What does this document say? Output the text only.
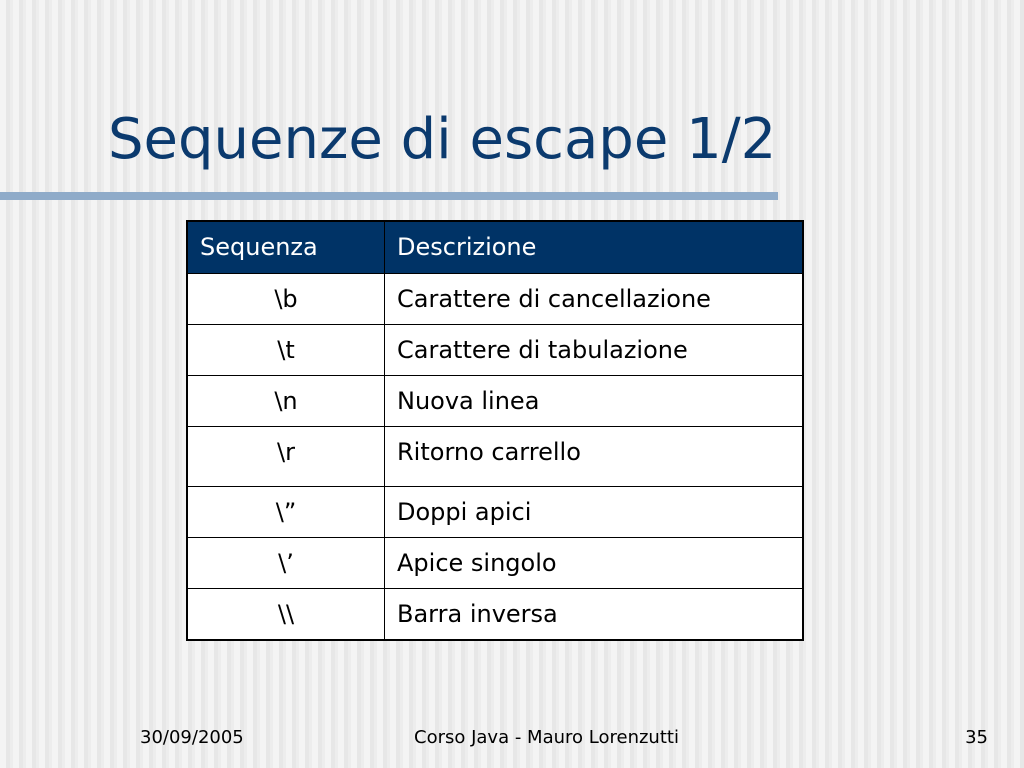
Sequenze di escape 1/2
Sequenza	Descrizione
\b	Carattere di cancellazione
\t	Carattere di tabulazione
\n	Nuova linea
\r	Ritorno carrello
\”	Doppi apici
\’	Apice singolo
\\	Barra inversa
30/09/2005	Corso Java - Mauro Lorenzutti	35
